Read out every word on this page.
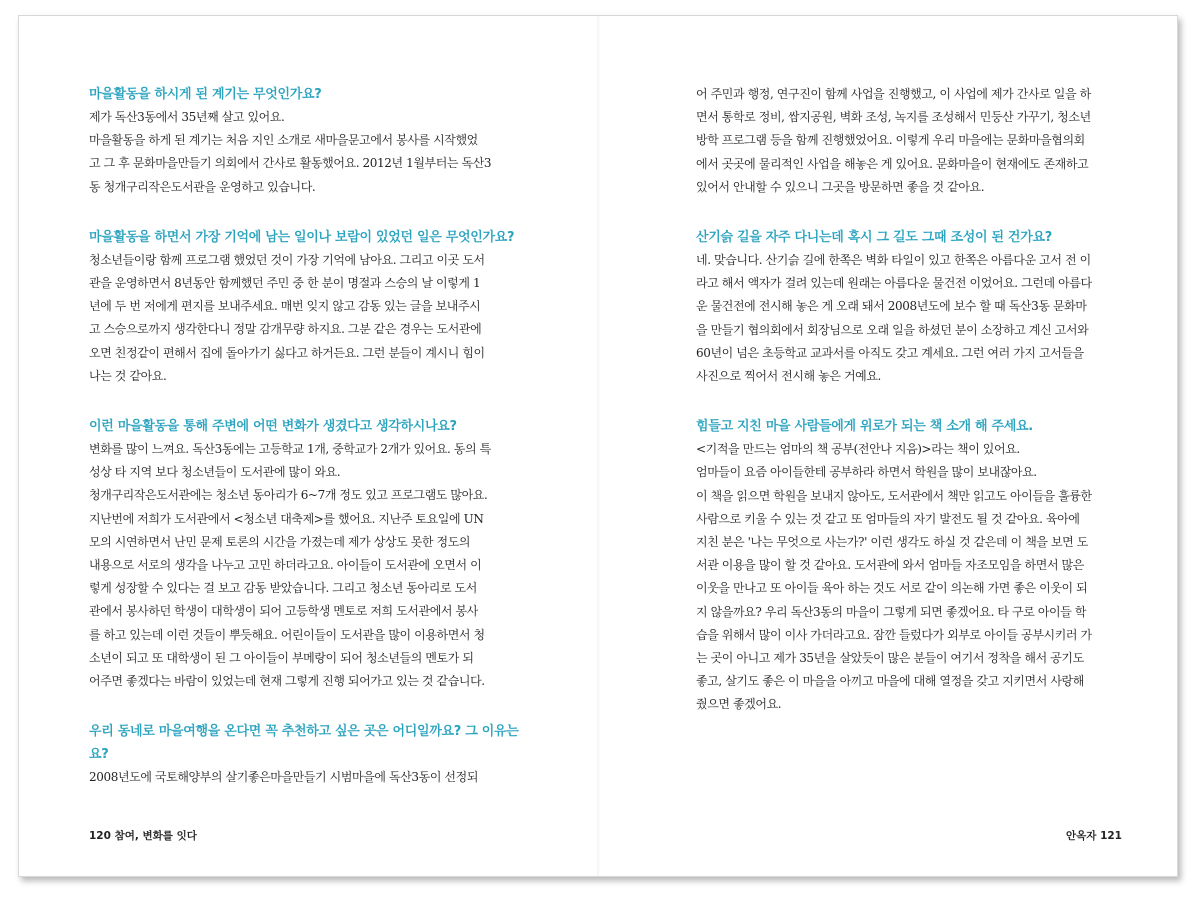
마을활동을 하시게 된 계기는 무엇인가요?

제가 독산3동에서 35년째 살고 있어요.
마을활동을 하게 된 계기는 처음 지인 소개로 새마을문고에서 봉사를 시작했었
고 그 후 문화마을만들기 의회에서 간사로 활동했어요. 2012년 1월부터는 독산3
동 청개구리작은도서관을 운영하고 있습니다.

마을활동을 하면서 가장 기억에 남는 일이나 보람이 있었던 일은 무엇인가요?

청소년들이랑 함께 프로그램 했었던 것이 가장 기억에 남아요. 그리고 이곳 도서
관을 운영하면서 8년동안 함께했던 주민 중 한 분이 명절과 스승의 날 이렇게 1
년에 두 번 저에게 편지를 보내주세요. 매번 잊지 않고 감동 있는 글을 보내주시
고 스승으로까지 생각한다니 정말 감개무량 하지요. 그분 같은 경우는 도서관에
오면 친정같이 편해서 집에 돌아가기 싫다고 하거든요. 그런 분들이 계시니 힘이
나는 것 같아요.

이런 마을활동을 통해 주변에 어떤 변화가 생겼다고 생각하시나요?

변화를 많이 느껴요. 독산3동에는 고등학교 1개, 중학교가 2개가 있어요. 동의 특
성상 타 지역 보다 청소년들이 도서관에 많이 와요.
청개구리작은도서관에는 청소년 동아리가 6~7개 정도 있고 프로그램도 많아요.
지난번에 저희가 도서관에서 <청소년 대축제>를 했어요. 지난주 토요일에 UN
모의 시연하면서 난민 문제 토론의 시간을 가졌는데 제가 상상도 못한 정도의
내용으로 서로의 생각을 나누고 고민 하더라고요. 아이들이 도서관에 오면서 이
렇게 성장할 수 있다는 걸 보고 감동 받았습니다. 그리고 청소년 동아리로 도서
관에서 봉사하던 학생이 대학생이 되어 고등학생 멘토로 저희 도서관에서 봉사
를 하고 있는데 이런 것들이 뿌듯해요. 어린이들이 도서관을 많이 이용하면서 청
소년이 되고 또 대학생이 된 그 아이들이 부메랑이 되어 청소년들의 멘토가 되
어주면 좋겠다는 바람이 있었는데 현재 그렇게 진행 되어가고 있는 것 같습니다.

우리 동네로 마을여행을 온다면 꼭 추천하고 싶은 곳은 어디일까요? 그 이유는요?

2008년도에 국토해양부의 살기좋은마을만들기 시범마을에 독산3동이 선정되
120 참여, 변화를 잇다
어 주민과 행정, 연구진이 함께 사업을 진행했고, 이 사업에 제가 간사로 일을 하
면서 통학로 정비, 쌈지공원, 벽화 조성, 녹지를 조성해서 민둥산 가꾸기, 청소년
방학 프로그램 등을 함께 진행했었어요. 이렇게 우리 마을에는 문화마을협의회
에서 곳곳에 물리적인 사업을 해놓은 게 있어요. 문화마을이 현재에도 존재하고
있어서 안내할 수 있으니 그곳을 방문하면 좋을 것 같아요.

산기슭 길을 자주 다니는데 혹시 그 길도 그때 조성이 된 건가요?

네. 맞습니다. 산기슭 길에 한쪽은 벽화 타일이 있고 한쪽은 아름다운 고서 전 이
라고 해서 액자가 걸려 있는데 원래는 아름다운 물건전 이었어요. 그런데 아름다
운 물건전에 전시해 놓은 게 오래 돼서 2008년도에 보수 할 때 독산3동 문화마
을 만들기 협의회에서 회장님으로 오래 일을 하셨던 분이 소장하고 계신 고서와
60년이 넘은 초등학교 교과서를 아직도 갖고 계세요. 그런 여러 가지 고서들을
사진으로 찍어서 전시해 놓은 거예요.

힘들고 지친 마을 사람들에게 위로가 되는 책 소개 해 주세요.

<기적을 만드는 엄마의 책 공부(전안나 지음)>라는 책이 있어요.
엄마들이 요즘 아이들한테 공부하라 하면서 학원을 많이 보내잖아요.
이 책을 읽으면 학원을 보내지 않아도, 도서관에서 책만 읽고도 아이들을 훌륭한
사람으로 키울 수 있는 것 같고 또 엄마들의 자기 발전도 될 것 같아요. 육아에
지친 분은 '나는 무엇으로 사는가?' 이런 생각도 하실 것 같은데 이 책을 보면 도
서관 이용을 많이 할 것 같아요. 도서관에 와서 엄마들 자조모임을 하면서 많은
이웃을 만나고 또 아이들 육아 하는 것도 서로 같이 의논해 가면 좋은 이웃이 되
지 않을까요? 우리 독산3동의 마을이 그렇게 되면 좋겠어요. 타 구로 아이들 학
습을 위해서 많이 이사 가더라고요. 잠깐 들렀다가 외부로 아이들 공부시키러 가
는 곳이 아니고 제가 35년을 살았듯이 많은 분들이 여기서 정착을 해서 공기도
좋고, 살기도 좋은 이 마을을 아끼고 마을에 대해 열정을 갖고 지키면서 사랑해
줬으면 좋겠어요.
안옥자 121
